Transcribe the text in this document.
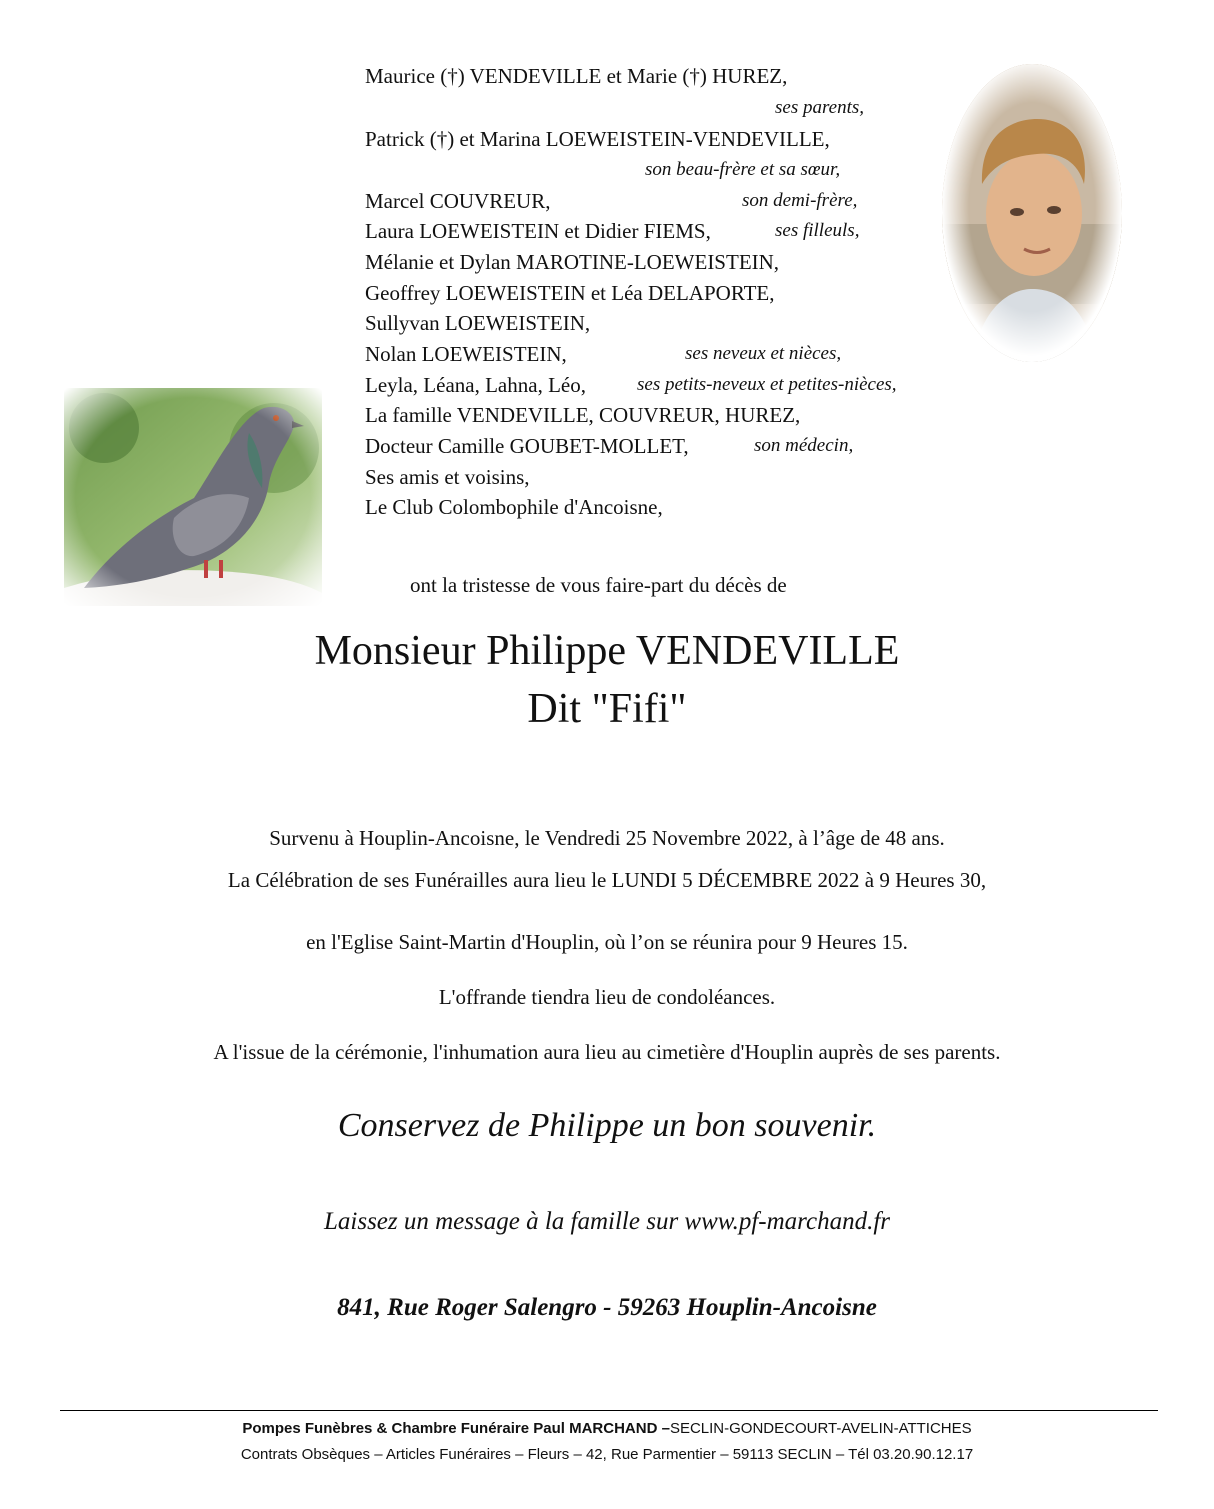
Maurice (†) VENDEVILLE et Marie (†) HUREZ,
ses parents,
Patrick (†) et Marina LOEWEISTEIN-VENDEVILLE,
son beau-frère et sa sœur,
Marcel COUVREUR,	son demi-frère,
Laura LOEWEISTEIN et Didier FIEMS,	ses filleuls,
Mélanie et Dylan MAROTINE-LOEWEISTEIN,
Geoffrey LOEWEISTEIN et Léa DELAPORTE,
Sullyvan LOEWEISTEIN,
Nolan LOEWEISTEIN,	ses neveux et nièces,
Leyla, Léana, Lahna, Léo,	ses petits-neveux et petites-nièces,
La famille VENDEVILLE, COUVREUR, HUREZ,
Docteur Camille GOUBET-MOLLET,	son médecin,
Ses amis et voisins,
Le Club Colombophile d'Ancoisne,
ont la tristesse de vous faire-part du décès de
Monsieur Philippe VENDEVILLE
Dit "Fifi"
Survenu à Houplin-Ancoisne, le Vendredi 25 Novembre 2022, à l’âge de 48 ans.
La Célébration de ses Funérailles aura lieu le LUNDI 5 DÉCEMBRE 2022 à 9 Heures 30,
en l'Eglise Saint-Martin d'Houplin, où l’on se réunira pour 9 Heures 15.
L'offrande tiendra lieu de condoléances.
A l'issue de la cérémonie, l'inhumation aura lieu au cimetière d'Houplin auprès de ses parents.
Conservez de Philippe un bon souvenir.
Laissez un message à la famille sur www.pf-marchand.fr
841, Rue Roger Salengro - 59263 Houplin-Ancoisne
Pompes Funèbres & Chambre Funéraire Paul MARCHAND –SECLIN-GONDECOURT-AVELIN-ATTICHES
Contrats Obsèques – Articles Funéraires – Fleurs – 42, Rue Parmentier – 59113 SECLIN – Tél 03.20.90.12.17
